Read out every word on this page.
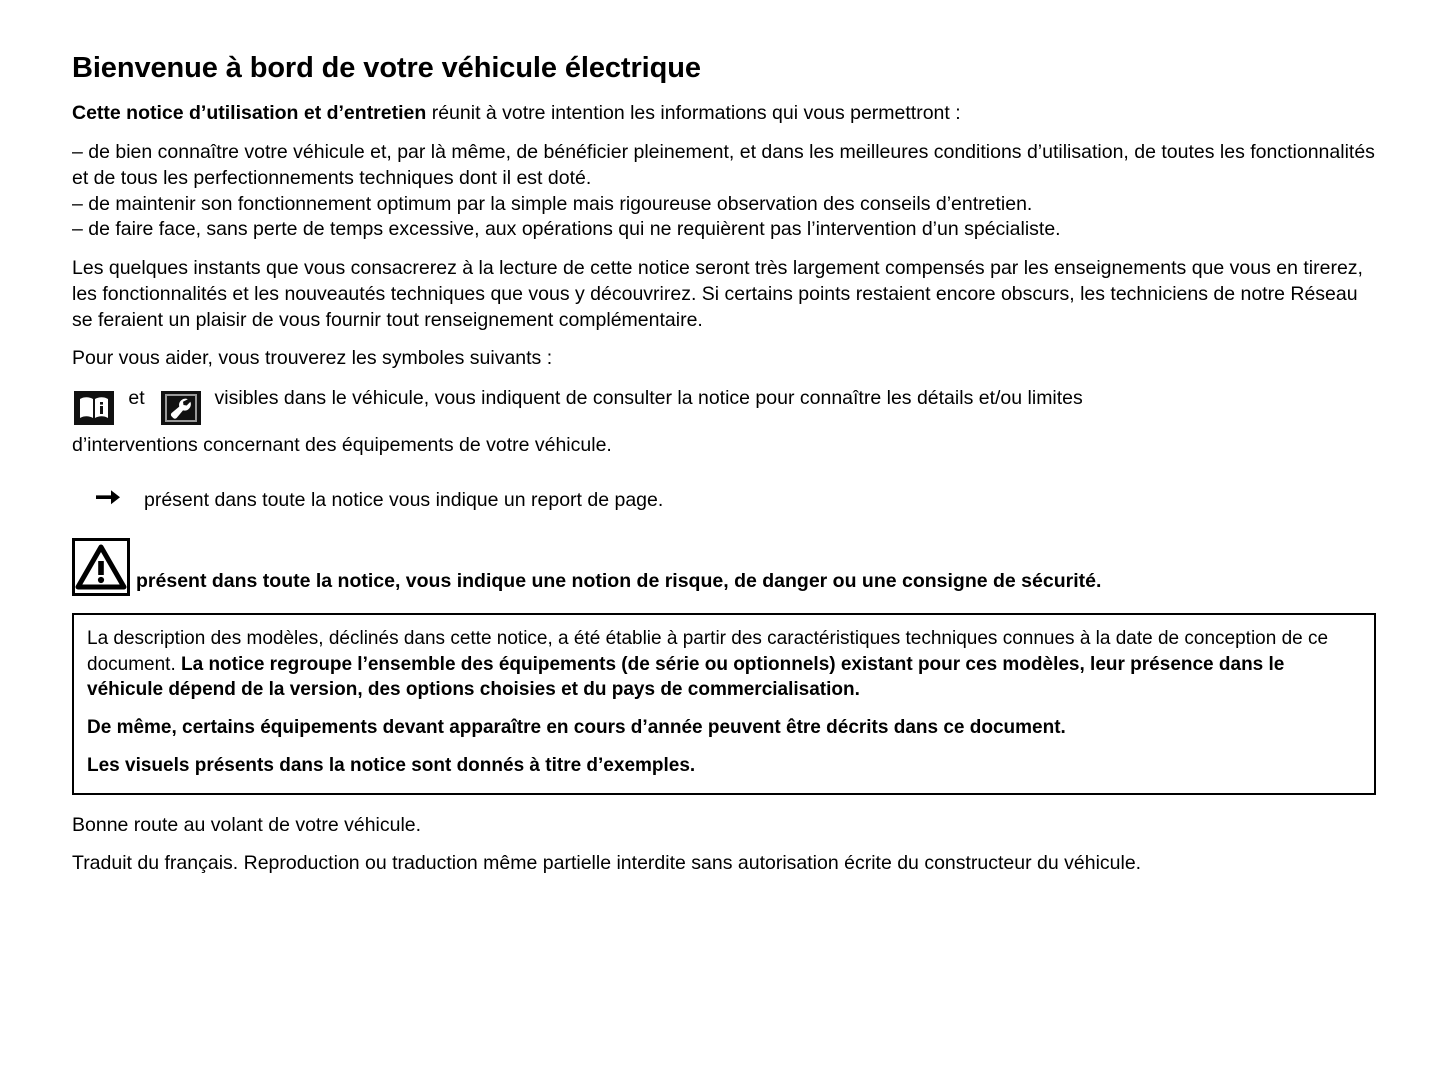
Bienvenue à bord de votre véhicule électrique

Cette notice d’utilisation et d’entretien réunit à votre intention les informations qui vous permettront :

– de bien connaître votre véhicule et, par là même, de bénéficier pleinement, et dans les meilleures conditions d’utilisation, de toutes les fonctionnalités et de tous les perfectionnements techniques dont il est doté.

– de maintenir son fonctionnement optimum par la simple mais rigoureuse observation des conseils d’entretien.

– de faire face, sans perte de temps excessive, aux opérations qui ne requièrent pas l’intervention d’un spécialiste.

Les quelques instants que vous consacrerez à la lecture de cette notice seront très largement compensés par les enseignements que vous en tirerez, les fonctionnalités et les nouveautés techniques que vous y découvrirez. Si certains points restaient encore obscurs, les techniciens de notre Réseau se feraient un plaisir de vous fournir tout renseignement complémentaire.

Pour vous aider, vous trouverez les symboles suivants :

et	visibles dans le véhicule, vous indiquent de consulter la notice pour connaître les détails et/ou limites

d’interventions concernant des équipements de votre véhicule.

présent dans toute la notice vous indique un report de page.
présent dans toute la notice, vous indique une notion de risque, de danger ou une consigne de sécurité.

La description des modèles, déclinés dans cette notice, a été établie à partir des caractéristiques techniques connues à la date de conception de ce document. La notice regroupe l’ensemble des équipements (de série ou optionnels) existant pour ces modèles, leur présence dans le véhicule dépend de la version, des options choisies et du pays de commercialisation.

De même, certains équipements devant apparaître en cours d’année peuvent être décrits dans ce document.

Les visuels présents dans la notice sont donnés à titre d’exemples.

Bonne route au volant de votre véhicule.

Traduit du français. Reproduction ou traduction même partielle interdite sans autorisation écrite du constructeur du véhicule.
